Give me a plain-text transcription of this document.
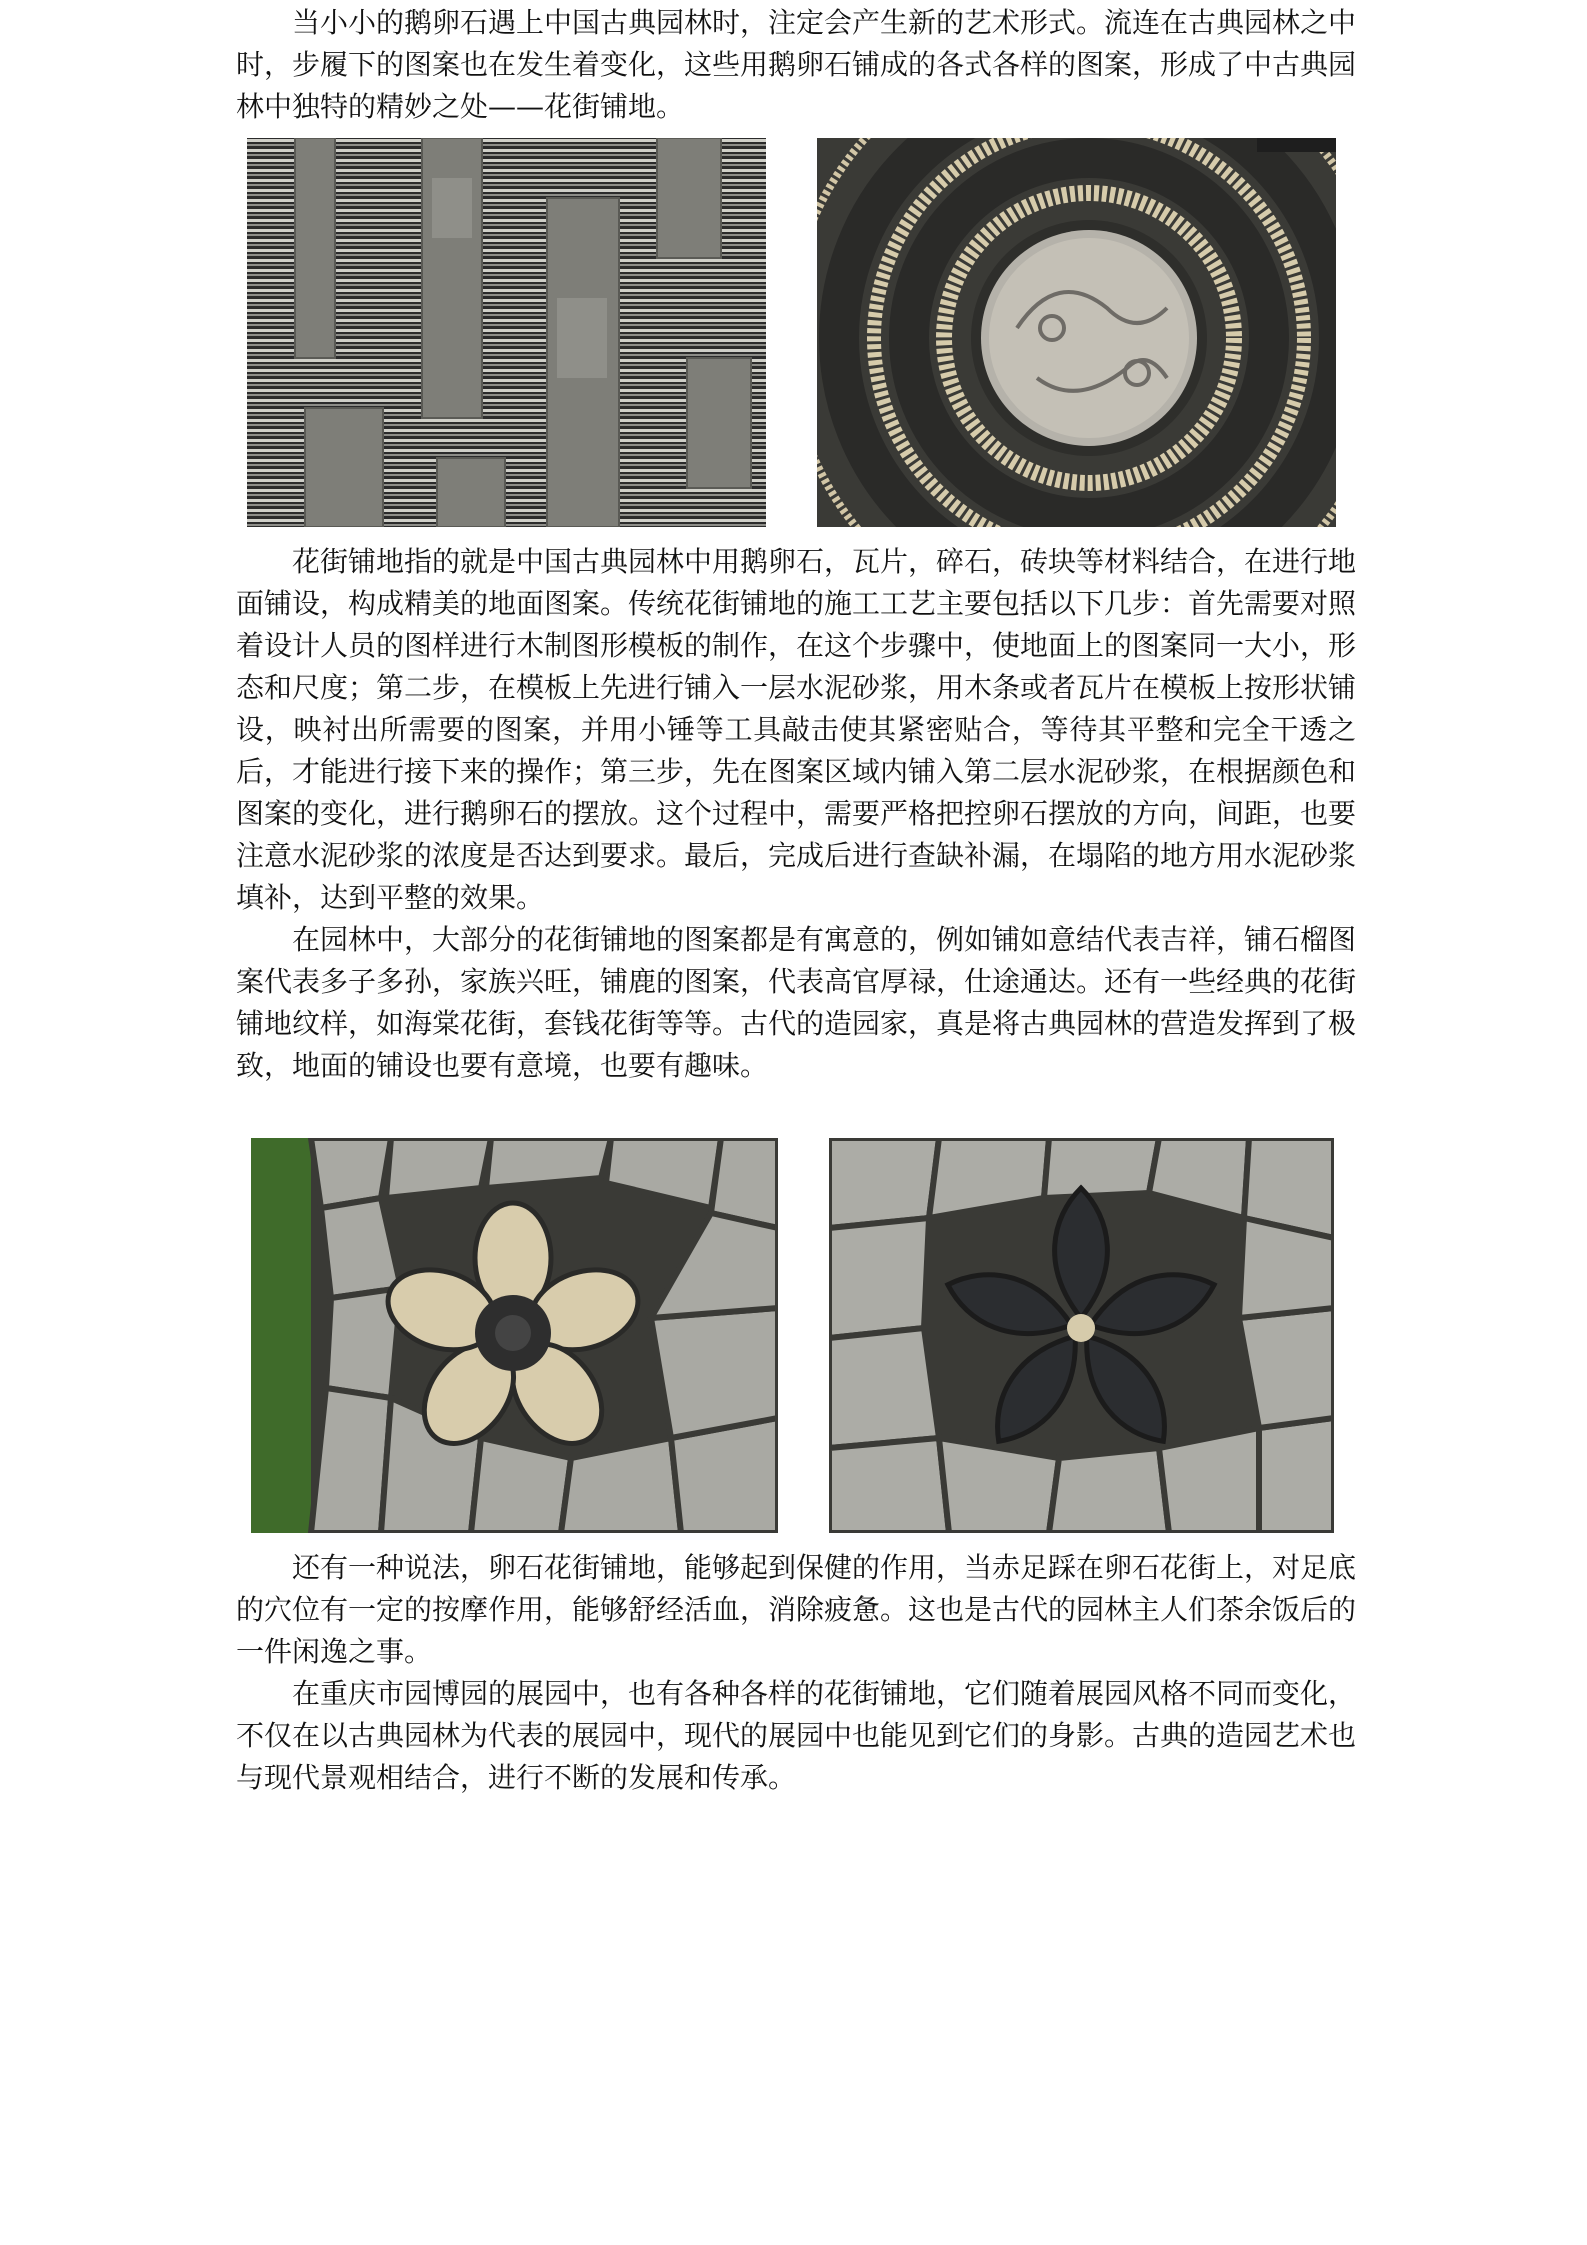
当小小的鹅卵石遇上中国古典园林时，注定会产生新的艺术形式。流连在古典园林之中时，步履下的图案也在发生着变化，这些用鹅卵石铺成的各式各样的图案，形成了中古典园林中独特的精妙之处——花街铺地。

花街铺地指的就是中国古典园林中用鹅卵石，瓦片，碎石，砖块等材料结合，在进行地面铺设，构成精美的地面图案。传统花街铺地的施工工艺主要包括以下几步：首先需要对照着设计人员的图样进行木制图形模板的制作，在这个步骤中，使地面上的图案同一大小，形态和尺度；第二步，在模板上先进行铺入一层水泥砂浆，用木条或者瓦片在模板上按形状铺设，映衬出所需要的图案，并用小锤等工具敲击使其紧密贴合，等待其平整和完全干透之后，才能进行接下来的操作；第三步，先在图案区域内铺入第二层水泥砂浆，在根据颜色和图案的变化，进行鹅卵石的摆放。这个过程中，需要严格把控卵石摆放的方向，间距，也要注意水泥砂浆的浓度是否达到要求。最后，完成后进行查缺补漏，在塌陷的地方用水泥砂浆填补，达到平整的效果。

在园林中，大部分的花街铺地的图案都是有寓意的，例如铺如意结代表吉祥，铺石榴图案代表多子多孙，家族兴旺，铺鹿的图案，代表高官厚禄，仕途通达。还有一些经典的花街铺地纹样，如海棠花街，套钱花街等等。古代的造园家，真是将古典园林的营造发挥到了极致，地面的铺设也要有意境，也要有趣味。

还有一种说法，卵石花街铺地，能够起到保健的作用，当赤足踩在卵石花街上，对足底的穴位有一定的按摩作用，能够舒经活血，消除疲惫。这也是古代的园林主人们茶余饭后的一件闲逸之事。

在重庆市园博园的展园中，也有各种各样的花街铺地，它们随着展园风格不同而变化，不仅在以古典园林为代表的展园中，现代的展园中也能见到它们的身影。古典的造园艺术也与现代景观相结合，进行不断的发展和传承。
